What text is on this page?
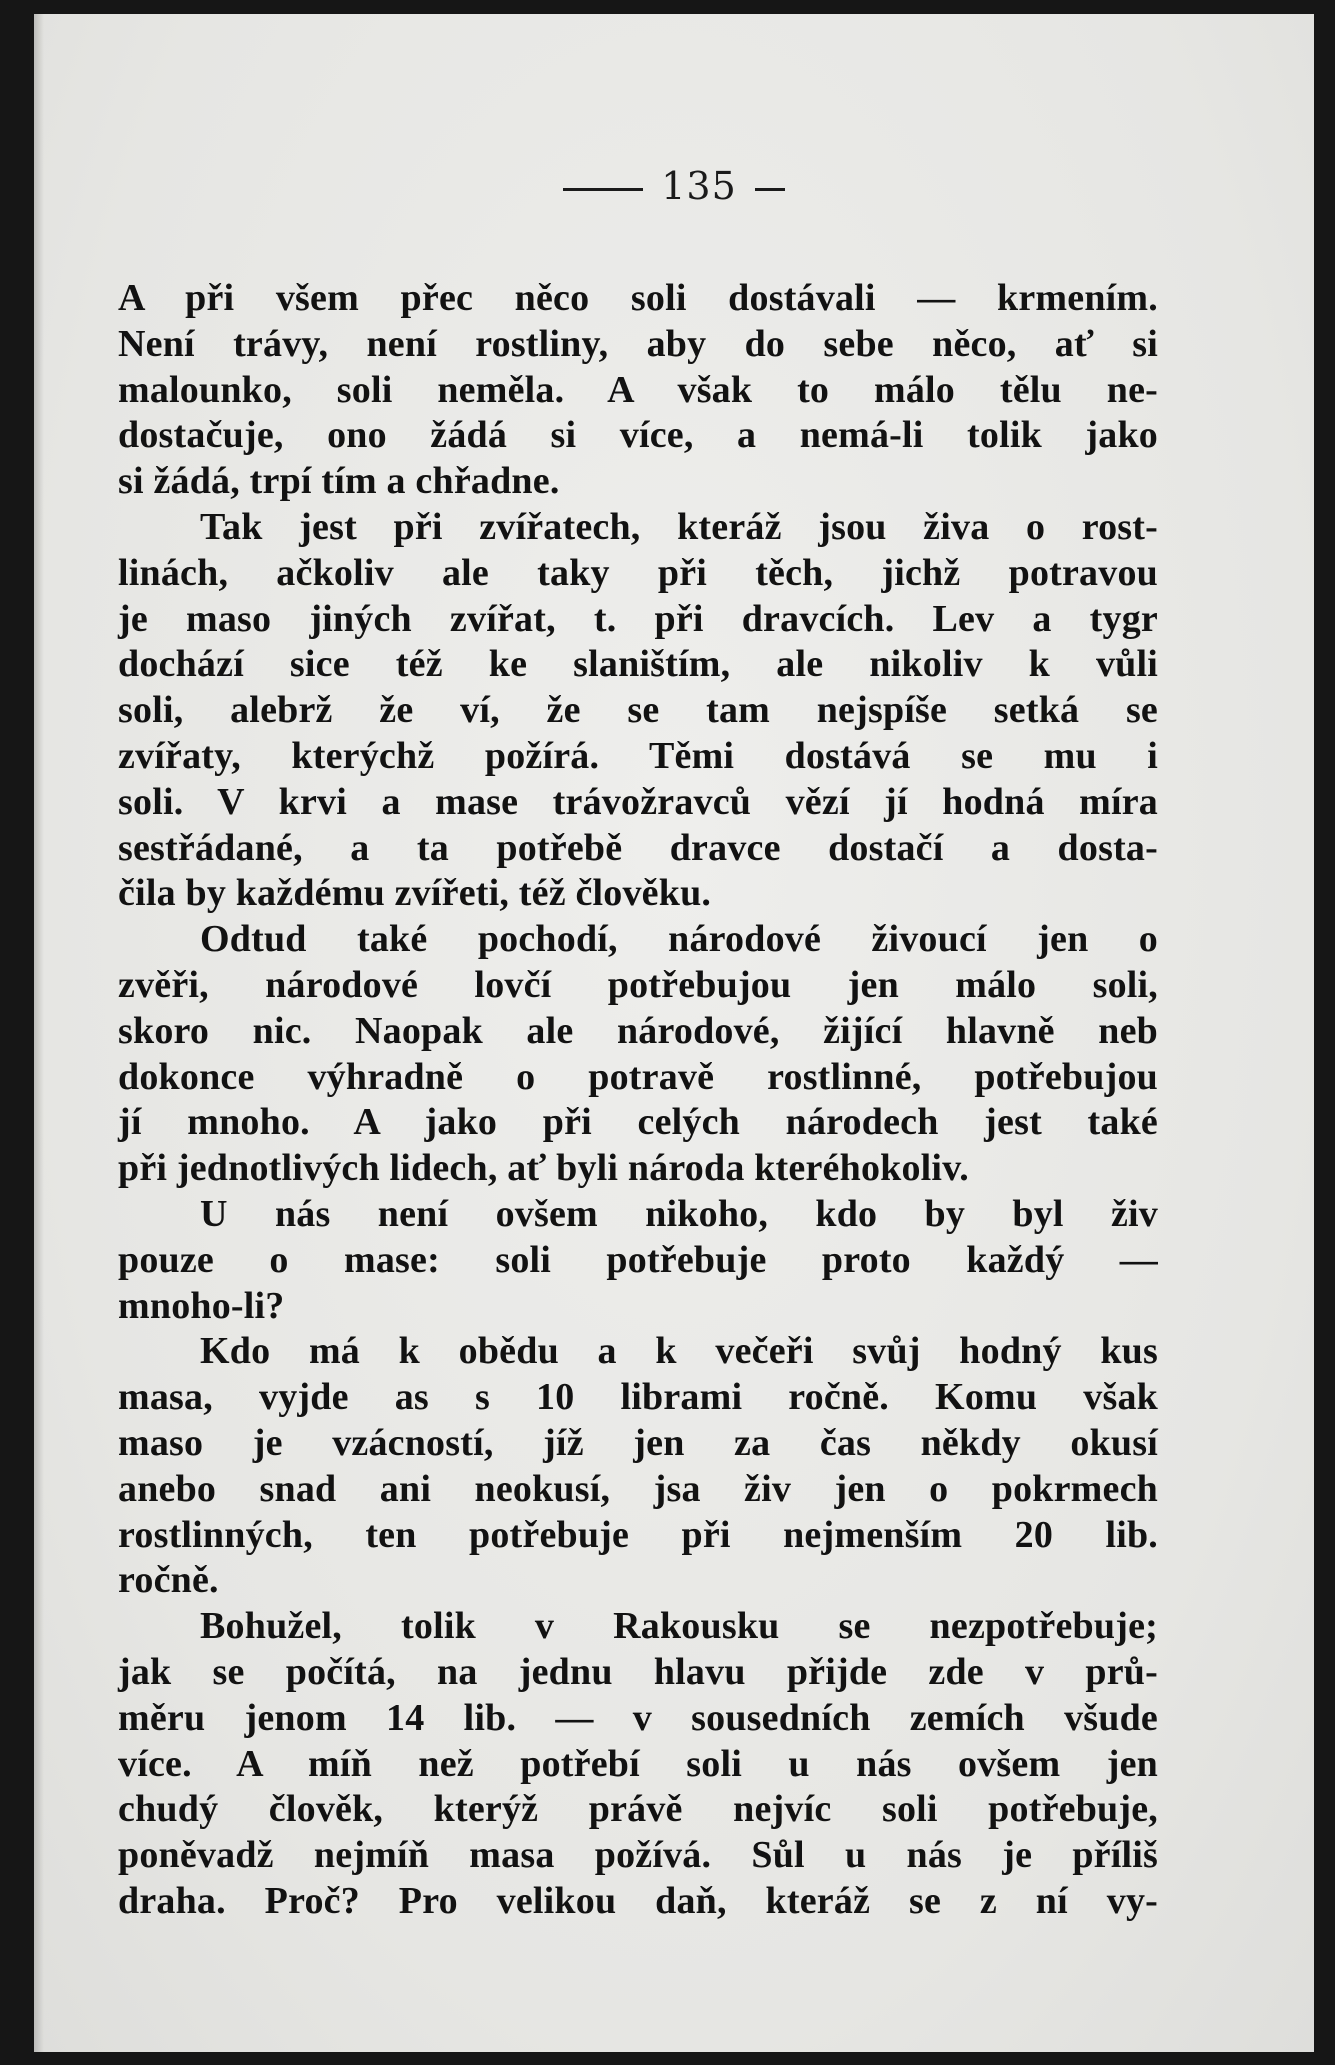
135
A při všem přec něco soli dostávali — krmením.
Není trávy, není rostliny, aby do sebe něco, ať si
malounko, soli neměla. A však to málo tělu ne-
dostačuje, ono žádá si více, a nemá-li tolik jako
si žádá, trpí tím a chřadne.
Tak jest při zvířatech, kteráž jsou živa o rost-
linách, ačkoliv ale taky při těch, jichž potravou
je maso jiných zvířat, t. při dravcích. Lev a tygr
dochází sice též ke slaništím, ale nikoliv k vůli
soli, alebrž že ví, že se tam nejspíše setká se
zvířaty, kterýchž požírá. Těmi dostává se mu i
soli. V krvi a mase trávožravců vězí jí hodná míra
sestřádané, a ta potřebě dravce dostačí a dosta-
čila by každému zvířeti, též člověku.
Odtud také pochodí, národové živoucí jen o
zvěři, národové lovčí potřebujou jen málo soli,
skoro nic. Naopak ale národové, žijící hlavně neb
dokonce výhradně o potravě rostlinné, potřebujou
jí mnoho. A jako při celých národech jest také
při jednotlivých lidech, ať byli národa kteréhokoliv.
U nás není ovšem nikoho, kdo by byl živ
pouze o mase: soli potřebuje proto každý —
mnoho-li?
Kdo má k obědu a k večeři svůj hodný kus
masa, vyjde as s 10 librami ročně. Komu však
maso je vzácností, jíž jen za čas někdy okusí
anebo snad ani neokusí, jsa živ jen o pokrmech
rostlinných, ten potřebuje při nejmenším 20 lib.
ročně.
Bohužel, tolik v Rakousku se nezpotřebuje;
jak se počítá, na jednu hlavu přijde zde v prů-
měru jenom 14 lib. — v sousedních zemích všude
více. A míň než potřebí soli u nás ovšem jen
chudý člověk, kterýž právě nejvíc soli potřebuje,
poněvadž nejmíň masa požívá. Sůl u nás je příliš
draha. Proč? Pro velikou daň, kteráž se z ní vy-
